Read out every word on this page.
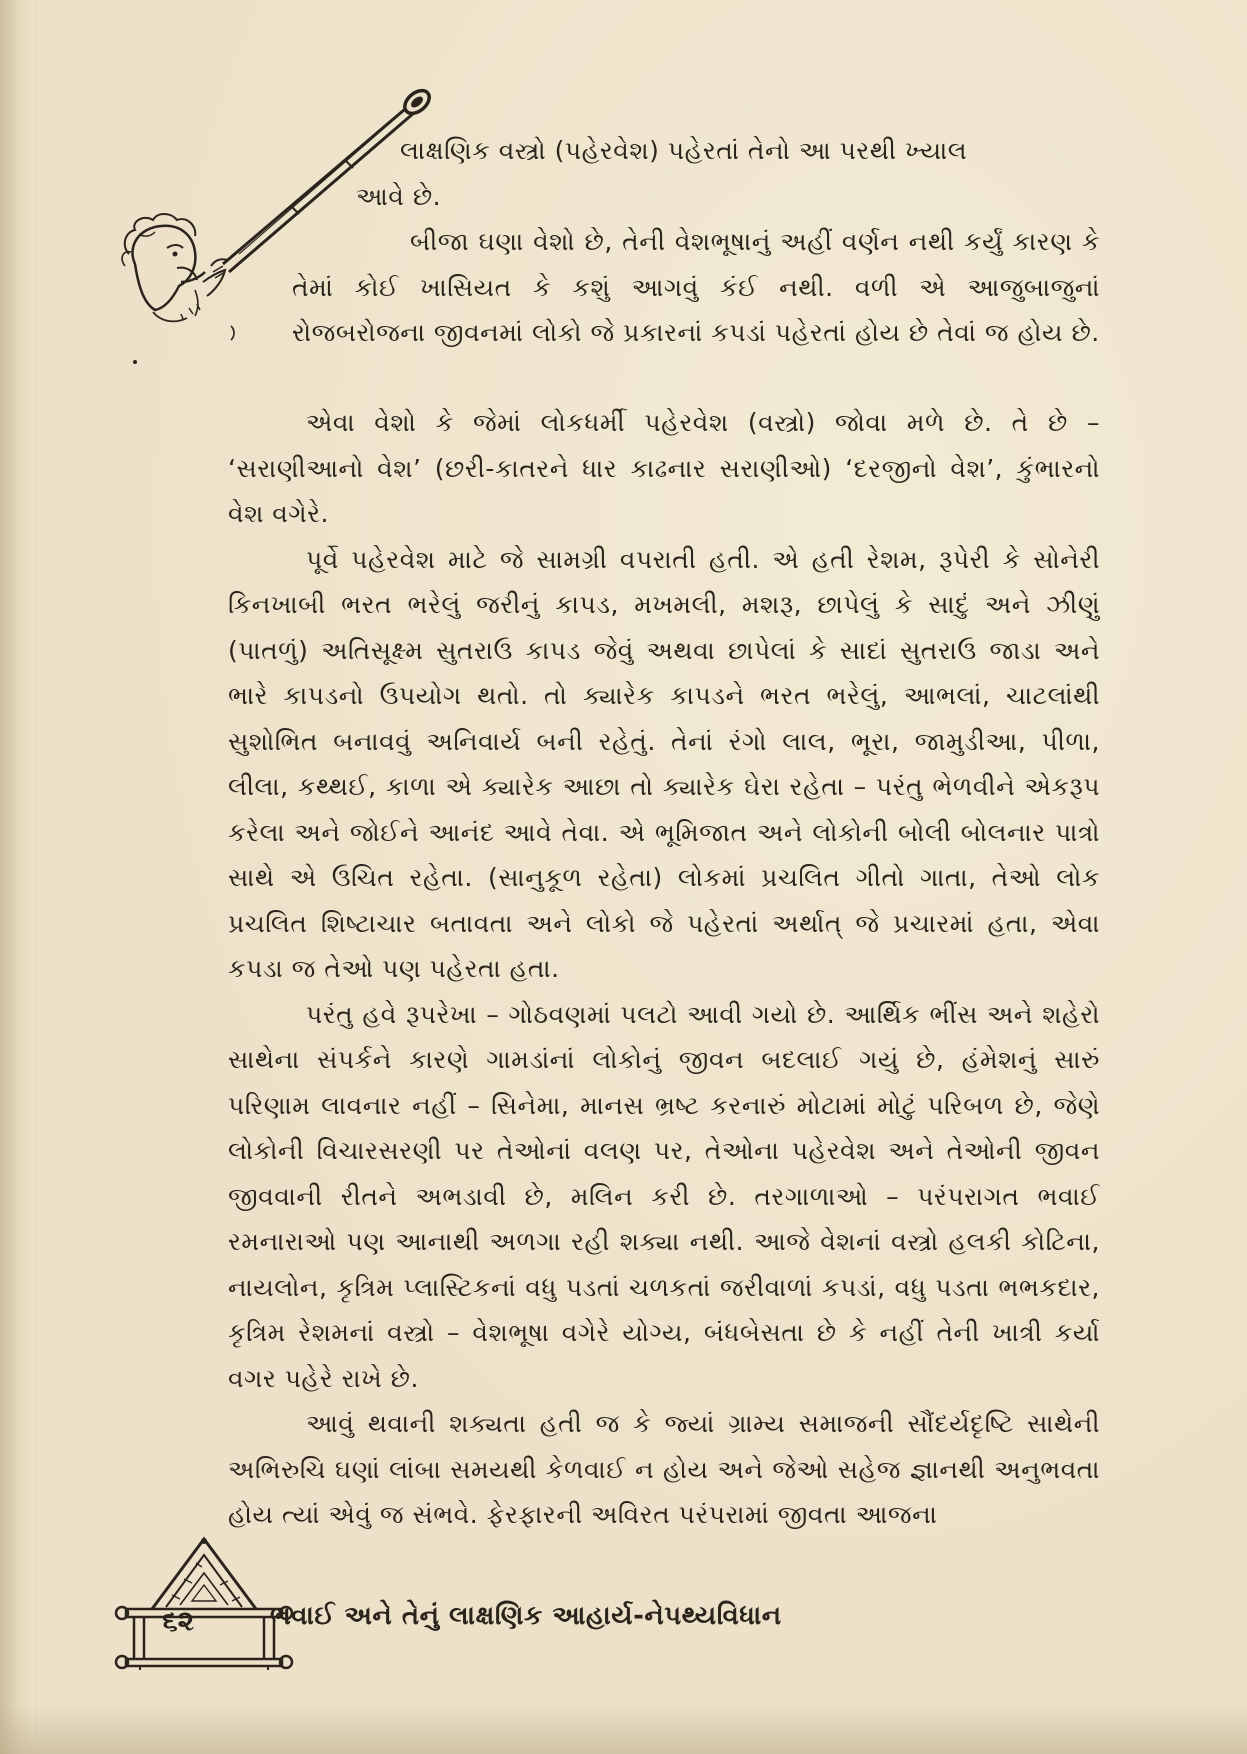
લાક્ષણિક વસ્ત્રો (પહેરવેશ) પહેરતાં તેનો આ પરથી ખ્યાલ

આવે છે.

બીજા ઘણા વેશો છે, તેની વેશભૂષાનું અહીં વર્ણન નથી કર્યું કારણ કે તેમાં કોઈ ખાસિયત કે કશું આગવું કંઈ નથી. વળી એ આજુબાજુનાં રોજબરોજના જીવનમાં લોકો જે પ્રકારનાં કપડાં પહેરતાં હોય છે તેવાં જ હોય છે.

એવા વેશો કે જેમાં લોકધર્મી પહેરવેશ (વસ્ત્રો) જોવા મળે છે. તે છે – ‘સરાણીઆનો વેશ’ (છરી-કાતરને ધાર કાઢનાર સરાણીઓ) ‘દરજીનો વેશ’, કુંભારનો વેશ વગેરે.

પૂર્વે પહેરવેશ માટે જે સામગ્રી વપરાતી હતી. એ હતી રેશમ, રૂપેરી કે સોનેરી કિનખાબી ભરત ભરેલું જરીનું કાપડ, મખમલી, મશરૂ, છાપેલું કે સાદું અને ઝીણું (પાતળું) અતિસૂક્ષ્મ સુતરાઉ કાપડ જેવું અથવા છાપેલાં કે સાદાં સુતરાઉ જાડા અને ભારે કાપડનો ઉપયોગ થતો. તો ક્યારેક કાપડને ભરત ભરેલું, આભલાં, ચાટલાંથી સુશોભિત બનાવવું અનિવાર્ય બની રહેતું. તેનાં રંગો લાલ, ભૂરા, જામુડીઆ, પીળા, લીલા, કથ્થઈ, કાળા એ ક્યારેક આછા તો ક્યારેક ઘેરા રહેતા – પરંતુ ભેળવીને એકરૂપ કરેલા અને જોઈને આનંદ આવે તેવા. એ ભૂમિજાત અને લોકોની બોલી બોલનાર પાત્રો સાથે એ ઉચિત રહેતા. (સાનુકૂળ રહેતા) લોકમાં પ્રચલિત ગીતો ગાતા, તેઓ લોક પ્રચલિત શિષ્ટાચાર બતાવતા અને લોકો જે પહેરતાં અર્થાત્ જે પ્રચારમાં હતા, એવા કપડા જ તેઓ પણ પહેરતા હતા.

પરંતુ હવે રૂપરેખા – ગોઠવણમાં પલટો આવી ગયો છે. આર્થિક ભીંસ અને શહેરો સાથેના સંપર્કને કારણે ગામડાંનાં લોકોનું જીવન બદલાઈ ગયું છે, હંમેશનું સારું પરિણામ લાવનાર નહીં – સિનેમા, માનસ ભ્રષ્ટ કરનારું મોટામાં મોટું પરિબળ છે, જેણે લોકોની વિચારસરણી પર તેઓનાં વલણ પર, તેઓના પહેરવેશ અને તેઓની જીવન જીવવાની રીતને અભડાવી છે, મલિન કરી છે. તરગાળાઓ – પરંપરાગત ભવાઈ રમનારાઓ પણ આનાથી અળગા રહી શક્યા નથી. આજે વેશનાં વસ્ત્રો હલકી કોટિના, નાયલોન, કૃત્રિમ પ્લાસ્ટિકનાં વધુ પડતાં ચળકતાં જરીવાળાં કપડાં, વધુ પડતા ભભકદાર, કૃત્રિમ રેશમનાં વસ્ત્રો – વેશભૂષા વગેરે યોગ્ય, બંધબેસતા છે કે નહીં તેની ખાત્રી કર્યા વગર પહેરે રાખે છે.

આવું થવાની શક્યતા હતી જ કે જ્યાં ગ્રામ્ય સમાજની સૌંદર્યદૃષ્ટિ સાથેની અભિરુચિ ઘણાં લાંબા સમયથી કેળવાઈ ન હોય અને જેઓ સહેજ જ્ઞાનથી અનુભવતા હોય ત્યાં એવું જ સંભવે. ફેરફારની અવિરત પરંપરામાં જીવતા આજના

૬૨	ભવાઈ અને તેનું લાક્ષણિક આહાર્ય-નેપથ્યવિધાન
